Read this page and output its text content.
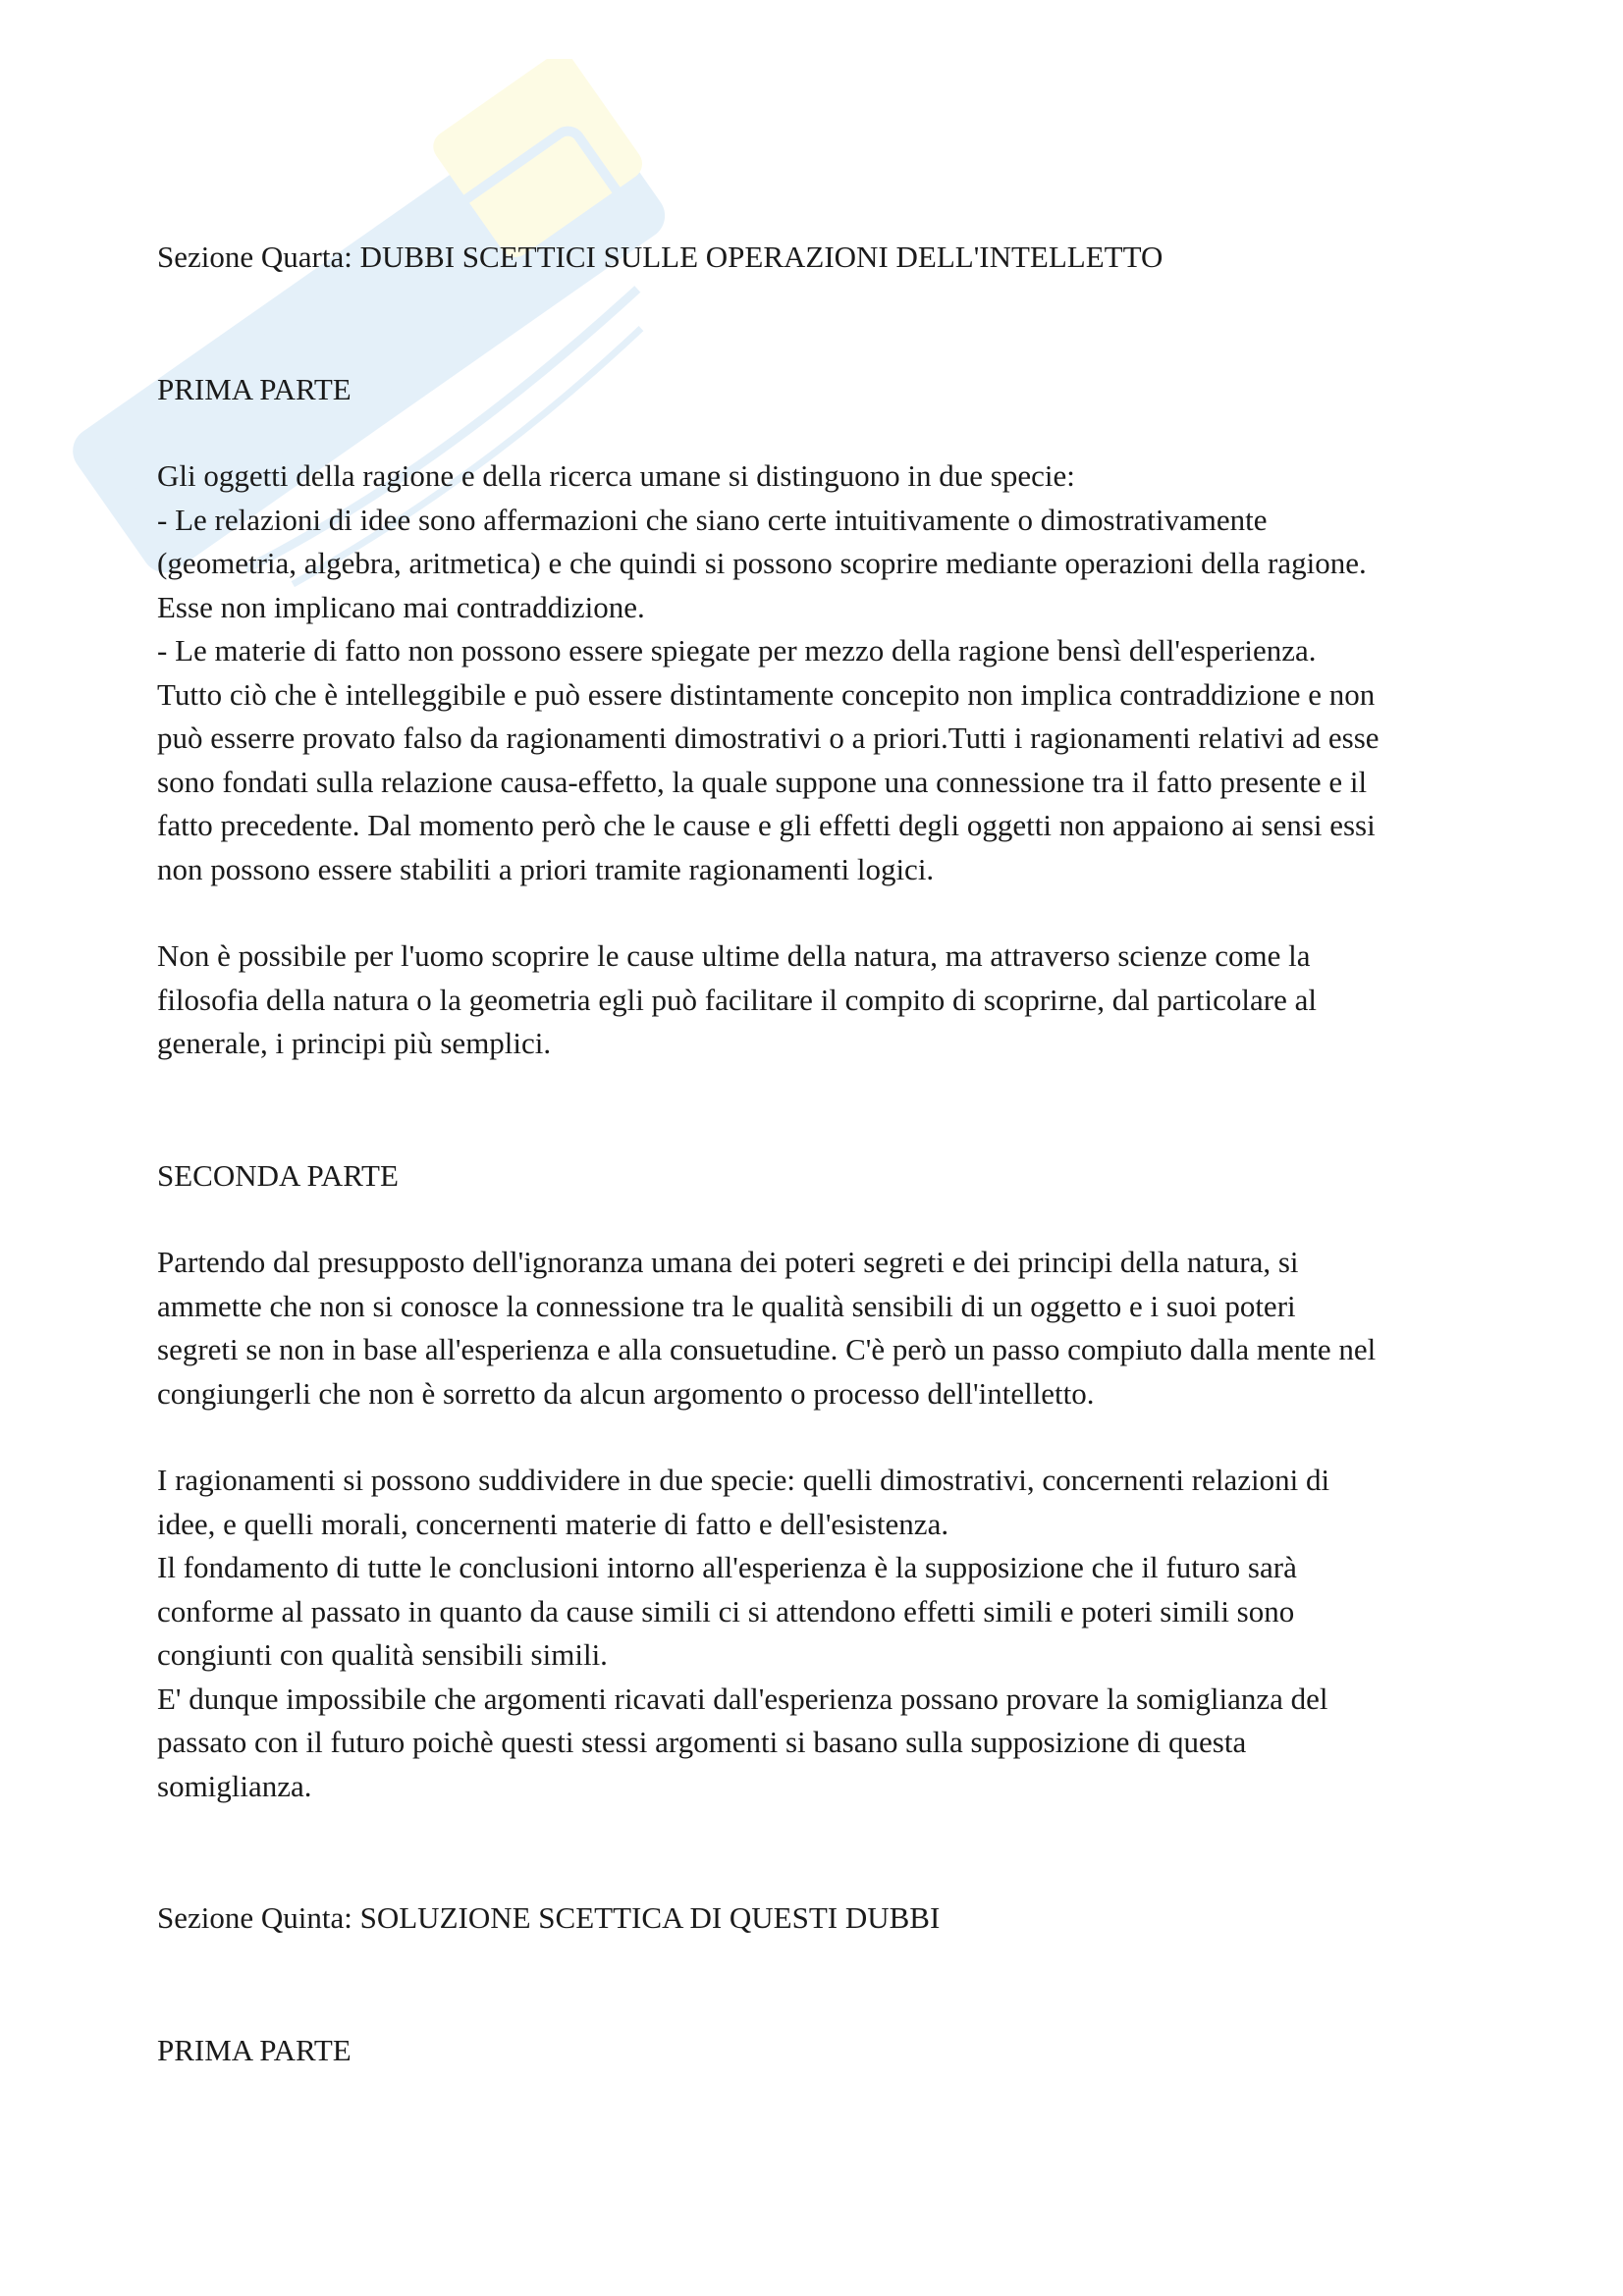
Sezione Quarta: DUBBI SCETTICI SULLE OPERAZIONI DELL'INTELLETTO

PRIMA PARTE

Gli oggetti della ragione e della ricerca umane si distinguono in due specie:

- Le relazioni di idee sono affermazioni che siano certe intuitivamente o dimostrativamente

(geometria, algebra, aritmetica) e che quindi si possono scoprire mediante operazioni della ragione.

Esse non implicano mai contraddizione.

- Le materie di fatto non possono essere spiegate per mezzo della ragione bensì dell'esperienza.

Tutto ciò che è intelleggibile e può essere distintamente concepito non implica contraddizione e non

può esserre provato falso da ragionamenti dimostrativi o a priori.Tutti i ragionamenti relativi ad esse

sono fondati sulla relazione causa-effetto, la quale suppone una connessione tra il fatto presente e il

fatto precedente. Dal momento però che le cause e gli effetti degli oggetti non appaiono ai sensi essi

non possono essere stabiliti a priori tramite ragionamenti logici.

Non è possibile per l'uomo scoprire le cause ultime della natura, ma attraverso scienze come la

filosofia della natura o la geometria egli può facilitare il compito di scoprirne, dal particolare al

generale, i principi più semplici.

SECONDA PARTE

Partendo dal presupposto dell'ignoranza umana dei poteri segreti e dei principi della natura, si

ammette che non si conosce la connessione tra le qualità sensibili di un oggetto e i suoi poteri

segreti se non in base all'esperienza e alla consuetudine. C'è però un passo compiuto dalla mente nel

congiungerli che non è sorretto da alcun argomento o processo dell'intelletto.

I ragionamenti si possono suddividere in due specie: quelli dimostrativi, concernenti relazioni di

idee, e quelli morali, concernenti materie di fatto e dell'esistenza.

Il fondamento di tutte le conclusioni intorno all'esperienza è la supposizione che il futuro sarà

conforme al passato in quanto da cause simili ci si attendono effetti simili e poteri simili sono

congiunti con qualità sensibili simili.

E' dunque impossibile che argomenti ricavati dall'esperienza possano provare la somiglianza del

passato con il futuro poichè questi stessi argomenti si basano sulla supposizione di questa

somiglianza.

Sezione Quinta: SOLUZIONE SCETTICA DI QUESTI DUBBI

PRIMA PARTE
